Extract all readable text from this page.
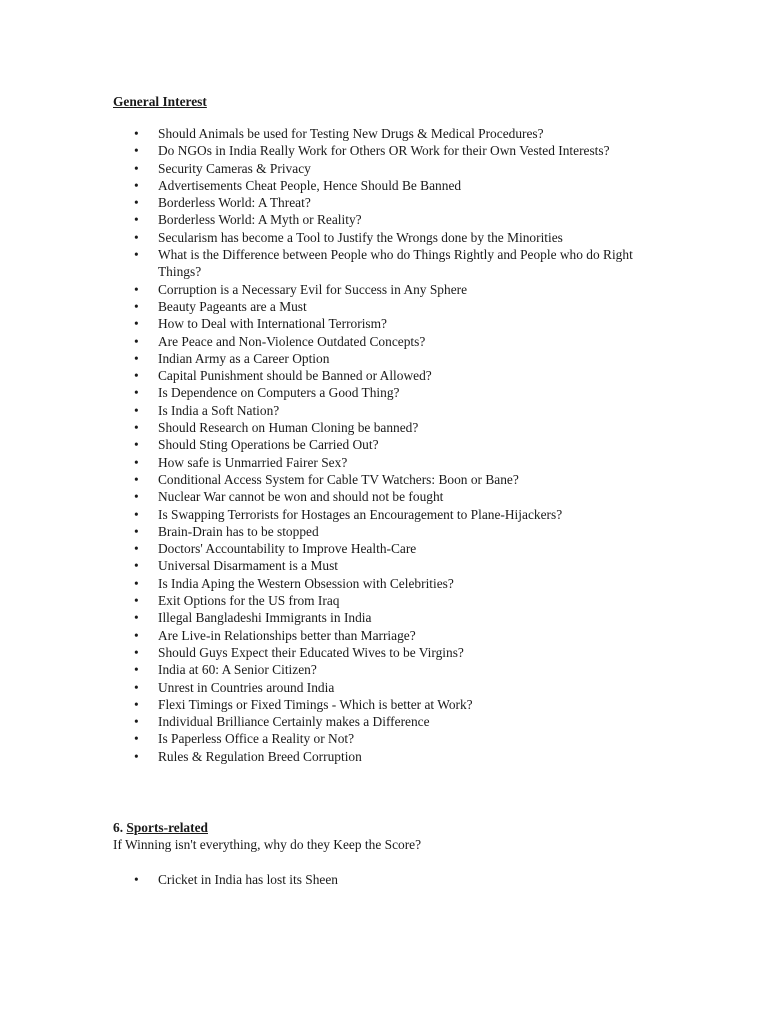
General Interest
• Should Animals be used for Testing New Drugs & Medical Procedures?
• Do NGOs in India Really Work for Others OR Work for their Own Vested Interests?
• Security Cameras & Privacy
• Advertisements Cheat People, Hence Should Be Banned
• Borderless World: A Threat?
• Borderless World: A Myth or Reality?
• Secularism has become a Tool to Justify the Wrongs done by the Minorities
• What is the Difference between People who do Things Rightly and People who do Right Things?
• Corruption is a Necessary Evil for Success in Any Sphere
• Beauty Pageants are a Must
• How to Deal with International Terrorism?
• Are Peace and Non-Violence Outdated Concepts?
• Indian Army as a Career Option
• Capital Punishment should be Banned or Allowed?
• Is Dependence on Computers a Good Thing?
• Is India a Soft Nation?
• Should Research on Human Cloning be banned?
• Should Sting Operations be Carried Out?
• How safe is Unmarried Fairer Sex?
• Conditional Access System for Cable TV Watchers: Boon or Bane?
• Nuclear War cannot be won and should not be fought
• Is Swapping Terrorists for Hostages an Encouragement to Plane-Hijackers?
• Brain-Drain has to be stopped
• Doctors' Accountability to Improve Health-Care
• Universal Disarmament is a Must
• Is India Aping the Western Obsession with Celebrities?
• Exit Options for the US from Iraq
• Illegal Bangladeshi Immigrants in India
• Are Live-in Relationships better than Marriage?
• Should Guys Expect their Educated Wives to be Virgins?
• India at 60: A Senior Citizen?
• Unrest in Countries around India
• Flexi Timings or Fixed Timings - Which is better at Work?
• Individual Brilliance Certainly makes a Difference
• Is Paperless Office a Reality or Not?
• Rules & Regulation Breed Corruption
6. Sports-related
If Winning isn't everything, why do they Keep the Score?
• Cricket in India has lost its Sheen
